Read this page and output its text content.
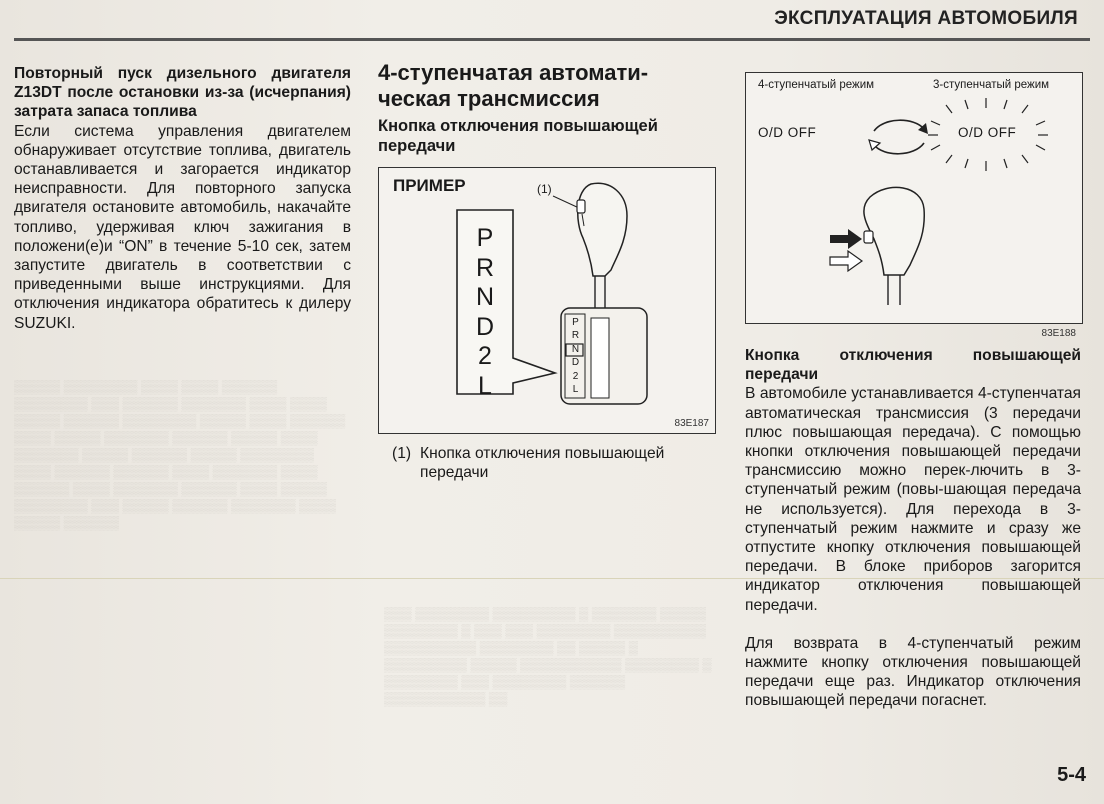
▒▒▒▒▒ ▒▒▒▒▒▒▒▒ ▒▒▒▒ ▒▒▒▒ ▒▒▒▒▒▒ ▒▒▒▒▒▒▒▒ ▒▒▒ ▒▒▒▒▒▒ ▒▒▒▒▒▒▒ ▒▒▒▒ ▒▒▒▒ ▒▒▒▒▒ ▒▒▒▒▒▒ ▒▒▒▒▒▒▒▒ ▒▒▒▒▒ ▒▒▒▒ ▒▒▒▒▒▒ ▒▒▒▒ ▒▒▒▒▒ ▒▒▒▒▒▒▒ ▒▒▒▒▒▒ ▒▒▒▒▒ ▒▒▒▒ ▒▒▒▒▒▒▒ ▒▒▒▒▒ ▒▒▒▒▒▒ ▒▒▒▒▒ ▒▒▒▒▒▒▒▒ ▒▒▒▒ ▒▒▒▒▒▒ ▒▒▒▒▒▒ ▒▒▒▒ ▒▒▒▒▒▒▒ ▒▒▒▒ ▒▒▒▒▒▒ ▒▒▒▒ ▒▒▒▒▒▒▒ ▒▒▒▒▒▒ ▒▒▒▒ ▒▒▒▒▒ ▒▒▒▒▒▒▒▒ ▒▒▒ ▒▒▒▒▒ ▒▒▒▒▒▒ ▒▒▒▒▒▒▒ ▒▒▒▒ ▒▒▒▒▒ ▒▒▒▒▒▒
▒▒▒ ▒▒▒▒▒▒▒▒ ▒▒▒▒▒▒▒▒▒ ▒ ▒▒▒▒▒▒▒ ▒▒▒▒▒ ▒▒▒▒▒▒▒▒ ▒ ▒▒▒ ▒▒▒ ▒▒▒▒▒▒▒▒ ▒▒▒▒▒▒▒▒▒▒ ▒▒▒▒▒▒▒▒▒▒ ▒▒▒▒▒▒▒▒ ▒▒ ▒▒▒▒▒ ▒ ▒▒▒▒▒▒▒▒▒ ▒▒▒▒▒ ▒▒▒▒▒▒▒▒▒▒▒ ▒▒▒▒▒▒▒▒ ▒ ▒▒▒▒▒▒▒▒ ▒▒▒ ▒▒▒▒▒▒▒▒ ▒▒▒▒▒▒ ▒▒▒▒▒▒▒▒▒▒▒ ▒▒
ЭКСПЛУАТАЦИЯ АВТОМОБИЛЯ
Повторный пуск дизельного двигателя Z13DT после остановки из-за (исчерпания) затрата запаса топлива
Если система управления двигателем обнаруживает отсутствие топлива, двигатель останавливается и загорается индикатор неисправности. Для повторного запуска двигателя остановите автомобиль, накачайте топливо, удерживая ключ зажигания в положени(е)и “ON” в течение 5-10 сек, затем запустите двигатель в соответствии с приведенными выше инструкциями. Для отключения индикатора обратитесь к дилеру SUZUKI.
4-ступенчатая автомати-
ческая трансмиссия
Кнопка отключения повышающей передачи
ПРИМЕР	(1)
P
R
N
D
2
L
P
R
N
D
2
L
83E187
(1) Кнопка отключения повышающей передачи
4-ступенчатый режим	3-ступенчатый режим
O/D OFF	O/D OFF
83E188
Кнопка отключения повышающей передачи

В автомобиле устанавливается 4-ступенчатая автоматическая трансмиссия (3 передачи плюс повышающая передача). С помощью кнопки отключения повышающей передачи трансмиссию можно перек-лючить в 3-ступенчатый режим (повы-шающая передача не используется). Для перехода в 3-ступенчатый режим нажмите и сразу же отпустите кнопку отключения повышающей передачи. В блоке приборов загорится индикатор отключения повышающей передачи.

Для возврата в 4-ступенчатый режим нажмите кнопку отключения повышающей передачи еще раз. Индикатор отключения повышающей передачи погаснет.

5-4
